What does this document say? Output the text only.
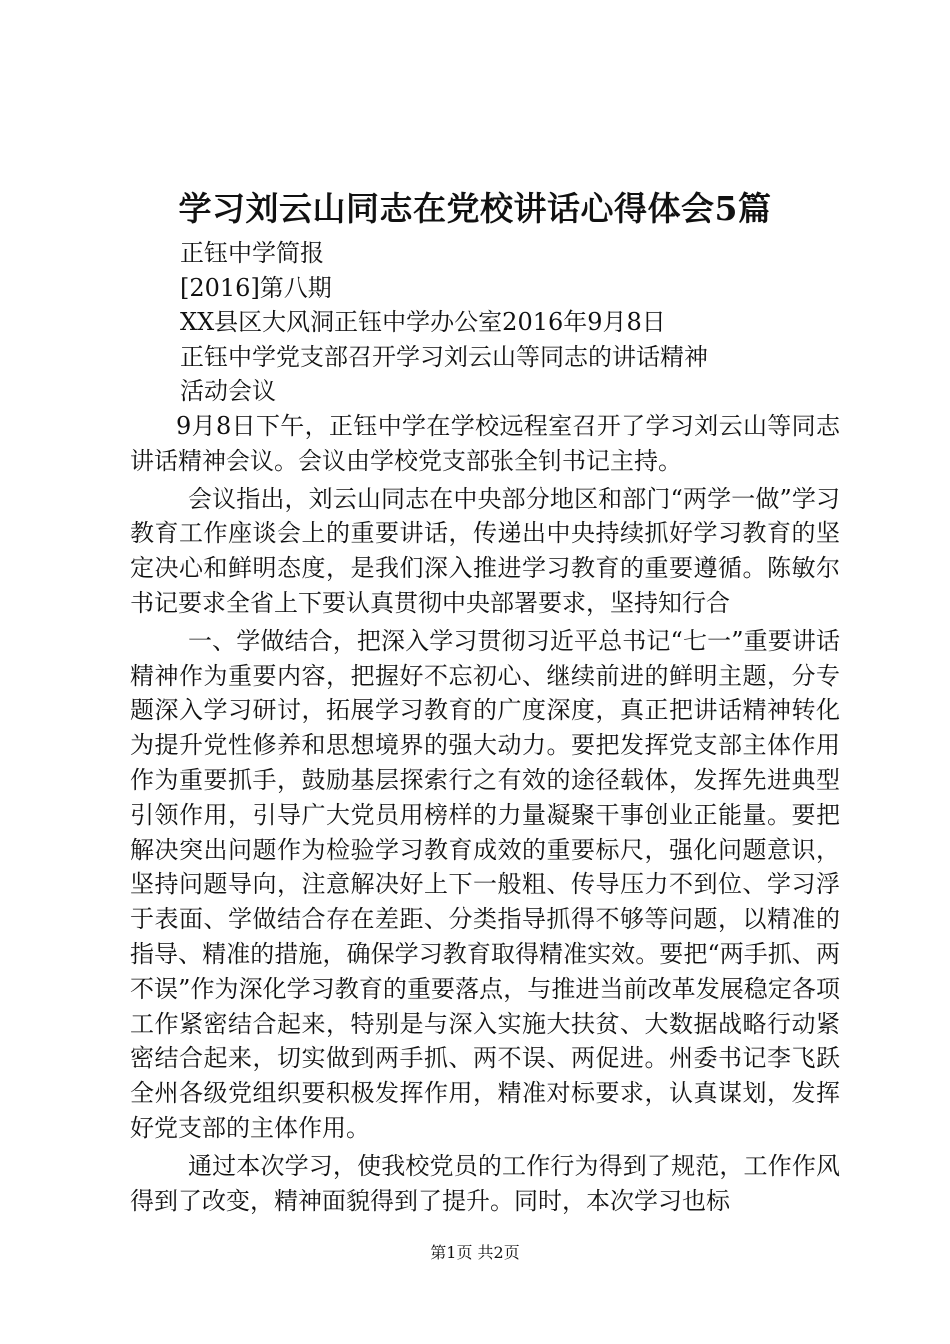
学习刘云山同志在党校讲话心得体会5篇
正钰中学简报
[2016]第八期
XX县区大风洞正钰中学办公室2016年9月8日
正钰中学党支部召开学习刘云山等同志的讲话精神
活动会议

9月8日下午，正钰中学在学校远程室召开了学习刘云山等同志讲话精神会议。会议由学校党支部张全钊书记主持。

会议指出，刘云山同志在中央部分地区和部门“两学一做”学习教育工作座谈会上的重要讲话，传递出中央持续抓好学习教育的坚定决心和鲜明态度，是我们深入推进学习教育的重要遵循。陈敏尔书记要求全省上下要认真贯彻中央部署要求，坚持知行合

一、学做结合，把深入学习贯彻习近平总书记“七一”重要讲话精神作为重要内容，把握好不忘初心、继续前进的鲜明主题，分专题深入学习研讨，拓展学习教育的广度深度，真正把讲话精神转化为提升党性修养和思想境界的强大动力。要把发挥党支部主体作用作为重要抓手，鼓励基层探索行之有效的途径载体，发挥先进典型引领作用，引导广大党员用榜样的力量凝聚干事创业正能量。要把解决突出问题作为检验学习教育成效的重要标尺，强化问题意识，坚持问题导向，注意解决好上下一般粗、传导压力不到位、学习浮于表面、学做结合存在差距、分类指导抓得不够等问题，以精准的指导、精准的措施，确保学习教育取得精准实效。要把“两手抓、两不误”作为深化学习教育的重要落点，与推进当前改革发展稳定各项工作紧密结合起来，特别是与深入实施大扶贫、大数据战略行动紧密结合起来，切实做到两手抓、两不误、两促进。州委书记李飞跃全州各级党组织要积极发挥作用，精准对标要求，认真谋划，发挥好党支部的主体作用。

通过本次学习，使我校党员的工作行为得到了规范，工作作风得到了改变，精神面貌得到了提升。同时，本次学习也标

第1页 共2页
